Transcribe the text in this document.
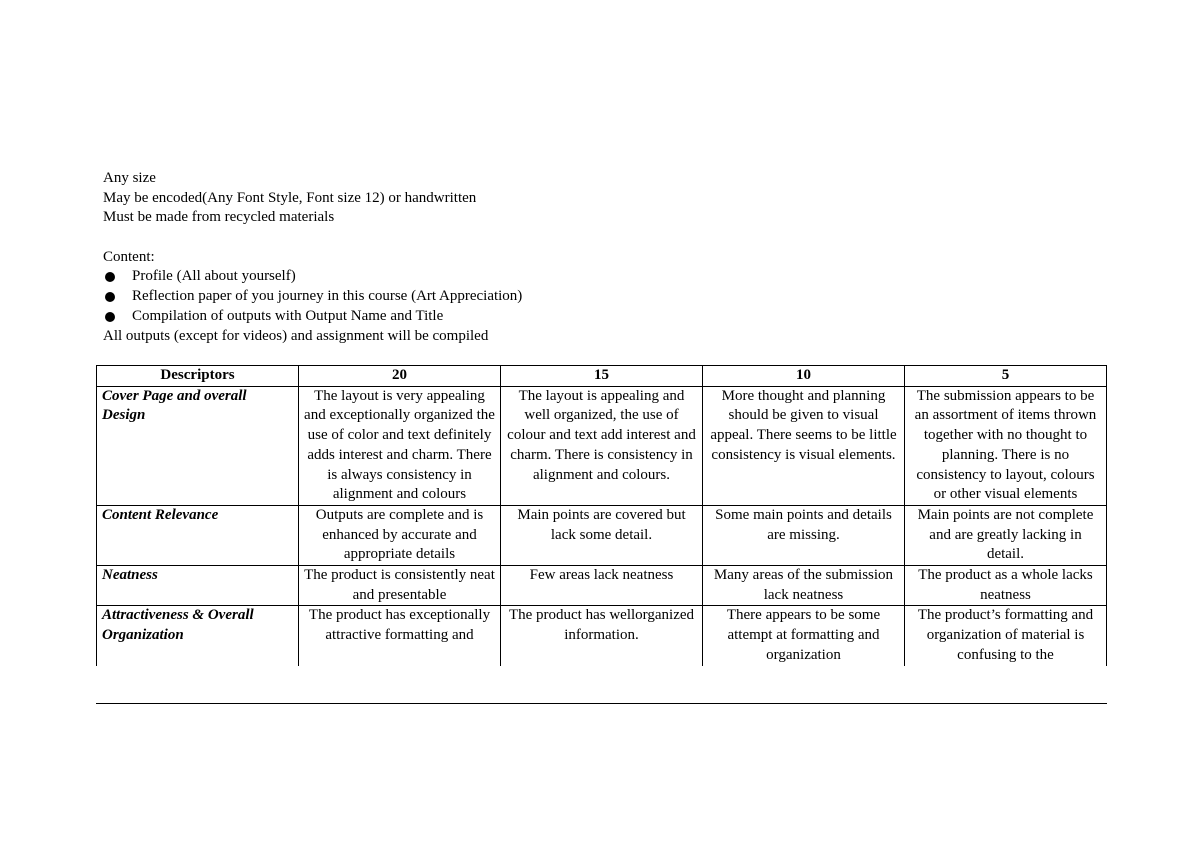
Any size
May be encoded(Any Font Style, Font size 12) or handwritten
Must be made from recycled materials
Content:
Profile (All about yourself)
Reflection paper of you journey in this course (Art Appreciation)
Compilation of outputs with Output Name and Title
All outputs (except for videos) and assignment will be compiled
Descriptors	20	15	10	5
Cover Page and overall Design	The layout is very appealing and exceptionally organized the use of color and text definitely adds interest and charm. There is always consistency in alignment and colours	The layout is appealing and well organized, the use of colour and text add interest and charm. There is consistency in alignment and colours.	More thought and planning should be given to visual appeal. There seems to be little consistency is visual elements.	The submission appears to be an assortment of items thrown together with no thought to planning. There is no consistency to layout, colours or other visual elements
Content Relevance	Outputs are complete and is enhanced by accurate and appropriate details	Main points are covered but lack some detail.	Some main points and details are missing.	Main points are not complete and are greatly lacking in detail.
Neatness	The product is consistently neat and presentable	Few areas lack neatness	Many areas of the submission lack neatness	The product as a whole lacks neatness
Attractiveness & Overall Organization	The product has exceptionally attractive formatting and	The product has wellorganized information.	There appears to be some attempt at formatting and organization	The product’s formatting and organization of material is confusing to the
